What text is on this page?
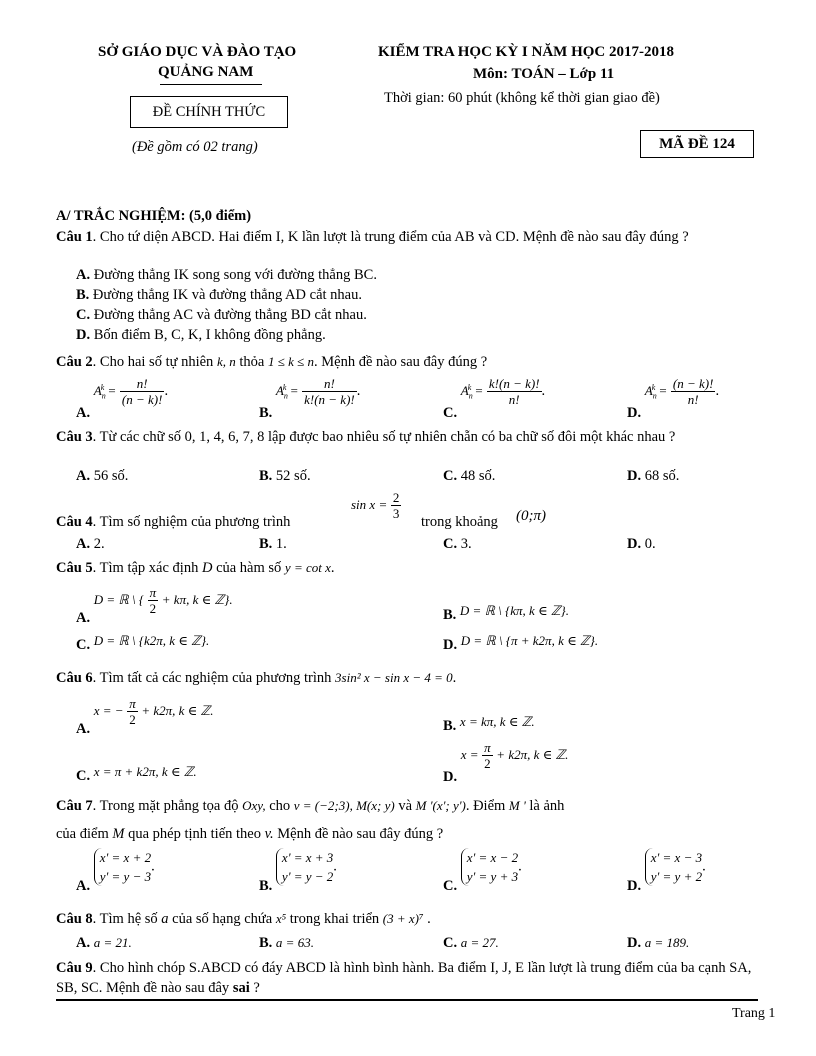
SỞ GIÁO DỤC VÀ ĐÀO TẠO
QUẢNG NAM
ĐỀ CHÍNH THỨC
(Đề gồm có 02 trang)
KIỂM TRA HỌC KỲ I NĂM HỌC 2017-2018
Môn: TOÁN – Lớp 11
Thời gian: 60 phút (không kể thời gian giao đề)
MÃ ĐỀ 124
A/ TRẮC NGHIỆM: (5,0 điểm)
Câu 1. Cho tứ diện ABCD. Hai điểm I, K lần lượt là trung điểm của AB và CD. Mệnh đề nào sau đây đúng ?
A. Đường thẳng IK song song với đường thẳng BC.
B. Đường thẳng IK và đường thẳng AD cắt nhau.
C. Đường thẳng AC và đường thẳng BD cắt nhau.
D. Bốn điểm B, C, K, I không đồng phẳng.
Câu 2. Cho hai số tự nhiên k, n thỏa 1 ≤ k ≤ n. Mệnh đề nào sau đây đúng ?
A. $A_n^k = \frac{n!}{(n - k)!}$ .
B. $A_n^k = \frac{n!}{k!(n - k)!}$ .
C. $A_n^k = \frac{k!(n - k)!}{n!}$ .
D. $A_n^k = \frac{(n - k)!}{n!}$ .
Câu 3. Từ các chữ số 0, 1, 4, 6, 7, 8 lập được bao nhiêu số tự nhiên chẵn có ba chữ số đôi một khác nhau ?
A. 56 số.	B. 52 số.	C. 48 số.	D. 68 số.
Câu 4. Tìm số nghiệm của phương trình
$\sin x = \frac{2}{3}$
trong khoảng (0;π)
A. 2.	B. 1.	C. 3.	D. 0.
Câu 5. Tìm tập xác định D của hàm số y = cot x.
A. D = ℝ \ { $\frac{\pi}{2} + k\pi$, k ∈ ℤ}.
B. D = ℝ \ {kπ, k ∈ ℤ}.
C. D = ℝ \ {k2π, k ∈ ℤ}.	D. D = ℝ \ {π + k2π, k ∈ ℤ}.
Câu 6. Tìm tất cả các nghiệm của phương trình 3sin² x − sin x − 4 = 0.
A. x = − $\frac{\pi}{2} + k2\pi$, k ∈ ℤ.
B. x = kπ, k ∈ ℤ.
C. x = π + k2π, k ∈ ℤ.	D. $x = \frac{\pi}{2} + k2\pi$, k ∈ ℤ.
Câu 7. Trong mặt phẳng tọa độ Oxy, cho v = (−2;3), M(x; y) và M '(x'; y'). Điểm M ' là ảnh
của điểm M qua phép tịnh tiến theo v. Mệnh đề nào sau đây đúng ?
A. x' = x + 2
y' = y − 3.
B. x' = x + 3
y' = y − 2.
C. x' = x − 2
y' = y + 3.
D. x' = x − 3
y' = y + 2.
Câu 8. Tìm hệ số a của số hạng chứa x⁵ trong khai triển (3 + x)⁷ .
A. a = 21.	B. a = 63.	C. a = 27.	D. a = 189.
Câu 9. Cho hình chóp S.ABCD có đáy ABCD là hình bình hành. Ba điểm I, J, E lần lượt là trung điểm của ba cạnh SA, SB, SC. Mệnh đề nào sau đây sai ?
Trang 1
